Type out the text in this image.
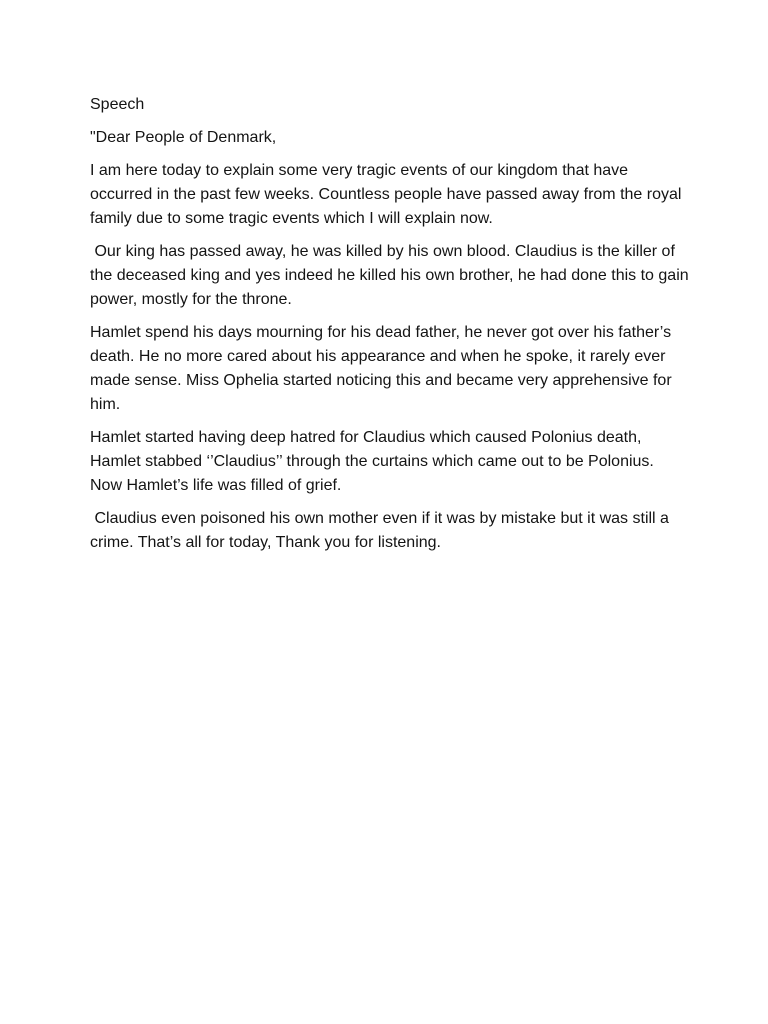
Speech

"Dear People of Denmark,

I am here today to explain some very tragic events of our kingdom that have occurred in the past few weeks. Countless people have passed away from the royal family due to some tragic events which I will explain now.

Our king has passed away, he was killed by his own blood. Claudius is the killer of the deceased king and yes indeed he killed his own brother, he had done this to gain power, mostly for the throne.

Hamlet spend his days mourning for his dead father, he never got over his father’s death. He no more cared about his appearance and when he spoke, it rarely ever made sense. Miss Ophelia started noticing this and became very apprehensive for him.

Hamlet started having deep hatred for Claudius which caused Polonius death, Hamlet stabbed ‘’Claudius’’ through the curtains which came out to be Polonius. Now Hamlet’s life was filled of grief.

Claudius even poisoned his own mother even if it was by mistake but it was still a crime. That’s all for today, Thank you for listening.
